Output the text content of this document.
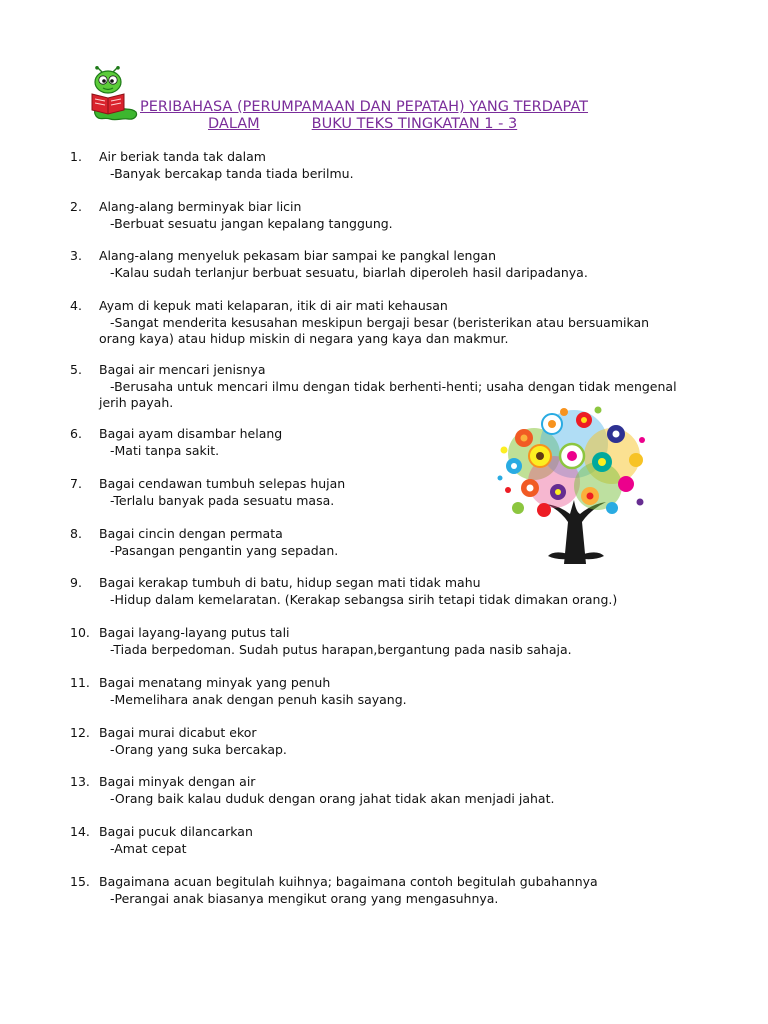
PERIBAHASA (PERUMPAMAAN DAN PEPATAH) YANG TERDAPAT
DALAM	BUKU TEKS TINGKATAN 1 - 3
1.	Air beriak tanda tak dalam
-Banyak bercakap tanda tiada berilmu.
2.	Alang-alang berminyak biar licin
-Berbuat sesuatu jangan kepalang tanggung.
3.	Alang-alang menyeluk pekasam biar sampai ke pangkal lengan
-Kalau sudah terlanjur berbuat sesuatu, biarlah diperoleh hasil daripadanya.
4.	Ayam di kepuk mati kelaparan, itik di air mati kehausan
-Sangat menderita kesusahan meskipun bergaji besar (beristerikan atau bersuamikan orang kaya) atau hidup miskin di negara yang kaya dan makmur.
5.	Bagai air mencari jenisnya
-Berusaha untuk mencari ilmu dengan tidak berhenti-henti; usaha dengan tidak mengenal jerih payah.
6.	Bagai ayam disambar helang
-Mati tanpa sakit.
7.	Bagai cendawan tumbuh selepas hujan
-Terlalu banyak pada sesuatu masa.
8.	Bagai cincin dengan permata
-Pasangan pengantin yang sepadan.
9.	Bagai kerakap tumbuh di batu, hidup segan mati tidak mahu
-Hidup dalam kemelaratan. (Kerakap sebangsa sirih tetapi tidak dimakan orang.)
10. Bagai layang-layang putus tali
-Tiada berpedoman. Sudah putus harapan,bergantung pada nasib sahaja.
11. Bagai menatang minyak yang penuh
-Memelihara anak dengan penuh kasih sayang.
12. Bagai murai dicabut ekor
-Orang yang suka bercakap.
13. Bagai minyak dengan air
-Orang baik kalau duduk dengan orang jahat tidak akan menjadi jahat.
14. Bagai pucuk dilancarkan
-Amat cepat
15. Bagaimana acuan begitulah kuihnya; bagaimana contoh begitulah gubahannya
-Perangai anak biasanya mengikut orang yang mengasuhnya.
